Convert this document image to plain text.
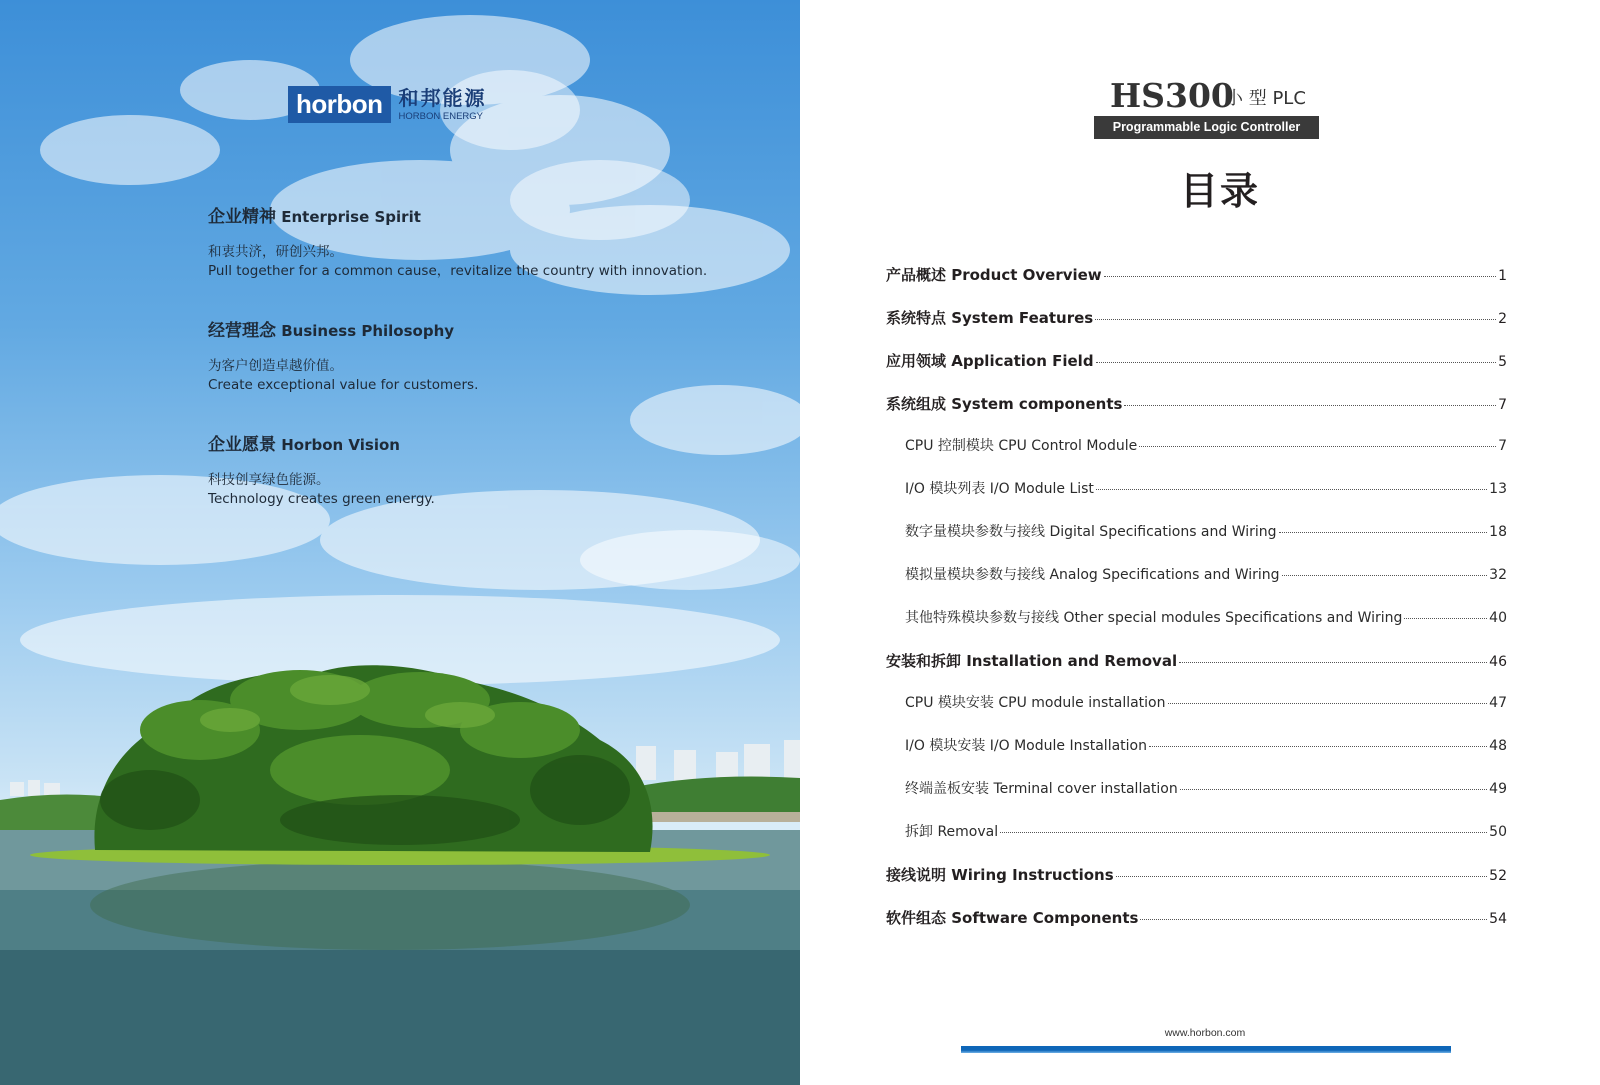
horbon 和邦能源
HORBON ENERGY
企业精神 Enterprise Spirit

和衷共济，研创兴邦。
Pull together for a common cause，revitalize the country with innovation.

经营理念 Business Philosophy

为客户创造卓越价值。
Create exceptional value for customers.

企业愿景 Horbon Vision

科技创享绿色能源。
Technology creates green energy.

HS300
小 型 PLC
Programmable Logic Controller
目录
产品概述 Product Overview	1
系统特点 System Features	2
应用领域 Application Field	5
系统组成 System components	7
CPU 控制模块 CPU Control Module	7
I/O 模块列表 I/O Module List	13
数字量模块参数与接线 Digital Specifications and Wiring	18
模拟量模块参数与接线 Analog Specifications and Wiring	32
其他特殊模块参数与接线 Other special modules Specifications and Wiring	40
安装和拆卸 Installation and Removal	46
CPU 模块安装 CPU module installation	47
I/O 模块安装 I/O Module Installation	48
终端盖板安装 Terminal cover installation	49
拆卸 Removal	50
接线说明 Wiring Instructions	52
软件组态 Software Components	54
www.horbon.com
